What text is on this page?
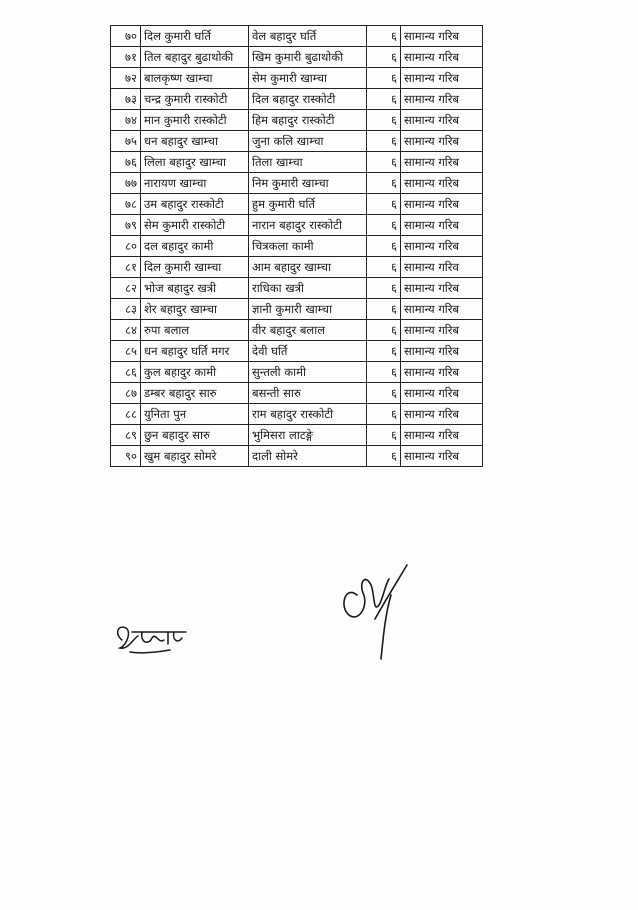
७०	दिल कुमारी घर्ति	वेल बहादुर घर्ति	६	सामान्य गरिब
७१	तिल बहादुर बुढाथोकी	खिम कुमारी बुढाथोकी	६	सामान्य गरिब
७२	बालकृष्ण खाम्चा	सेम कुमारी खाम्चा	६	सामान्य गरिब
७३	चन्द्र कुमारी रास्कोटी	दिल बहादुर रास्कोटी	६	सामान्य गरिब
७४	मान कुमारी रास्कोटी	हिम बहादुर रास्कोटी	६	सामान्य गरिब
७५	धन बहादुर खाम्चा	जुना कलि खाम्चा	६	सामान्य गरिब
७६	लिला बहादुर खाम्चा	तिला खाम्चा	६	सामान्य गरिब
७७	नारायण खाम्चा	निम कुमारी खाम्चा	६	सामान्य गरिब
७८	उम बहादुर रास्कोटी	हुम कुमारी घर्ति	६	सामान्य गरिब
७९	सेम कुमारी रास्कोटी	नारान बहादुर रास्कोटी	६	सामान्य गरिब
८०	दल बहादुर कामी	चित्रकला कामी	६	सामान्य गरिब
८१	दिल कुमारी खाम्चा	आम बहादुर खाम्चा	६	सामान्य गरिव
८२	भोज बहादुर खत्री	राधिका खत्री	६	सामान्य गरिब
८३	शेर बहादुर खाम्चा	ज्ञानी कुमारी खाम्चा	६	सामान्य गरिब
८४	रुपा बलाल	वीर बहादुर बलाल	६	सामान्य गरिब
८५	धन बहादुर घर्ति मगर	देवी घर्ति	६	सामान्य गरिब
८६	कुल बहादुर कामी	सुन्तली कामी	६	सामान्य गरिब
८७	डम्बर बहादुर सारु	बसन्ती सारु	६	सामान्य गरिब
८८	युनिता पुन	राम बहादुर रास्कोटी	६	सामान्य गरिब
८९	छुन बहादुर सारु	भुमिसरा लाटङ्गे	६	सामान्य गरिब
९०	खुम बहादुर सोमरे	दाली सोमरे	६	सामान्य गरिब
